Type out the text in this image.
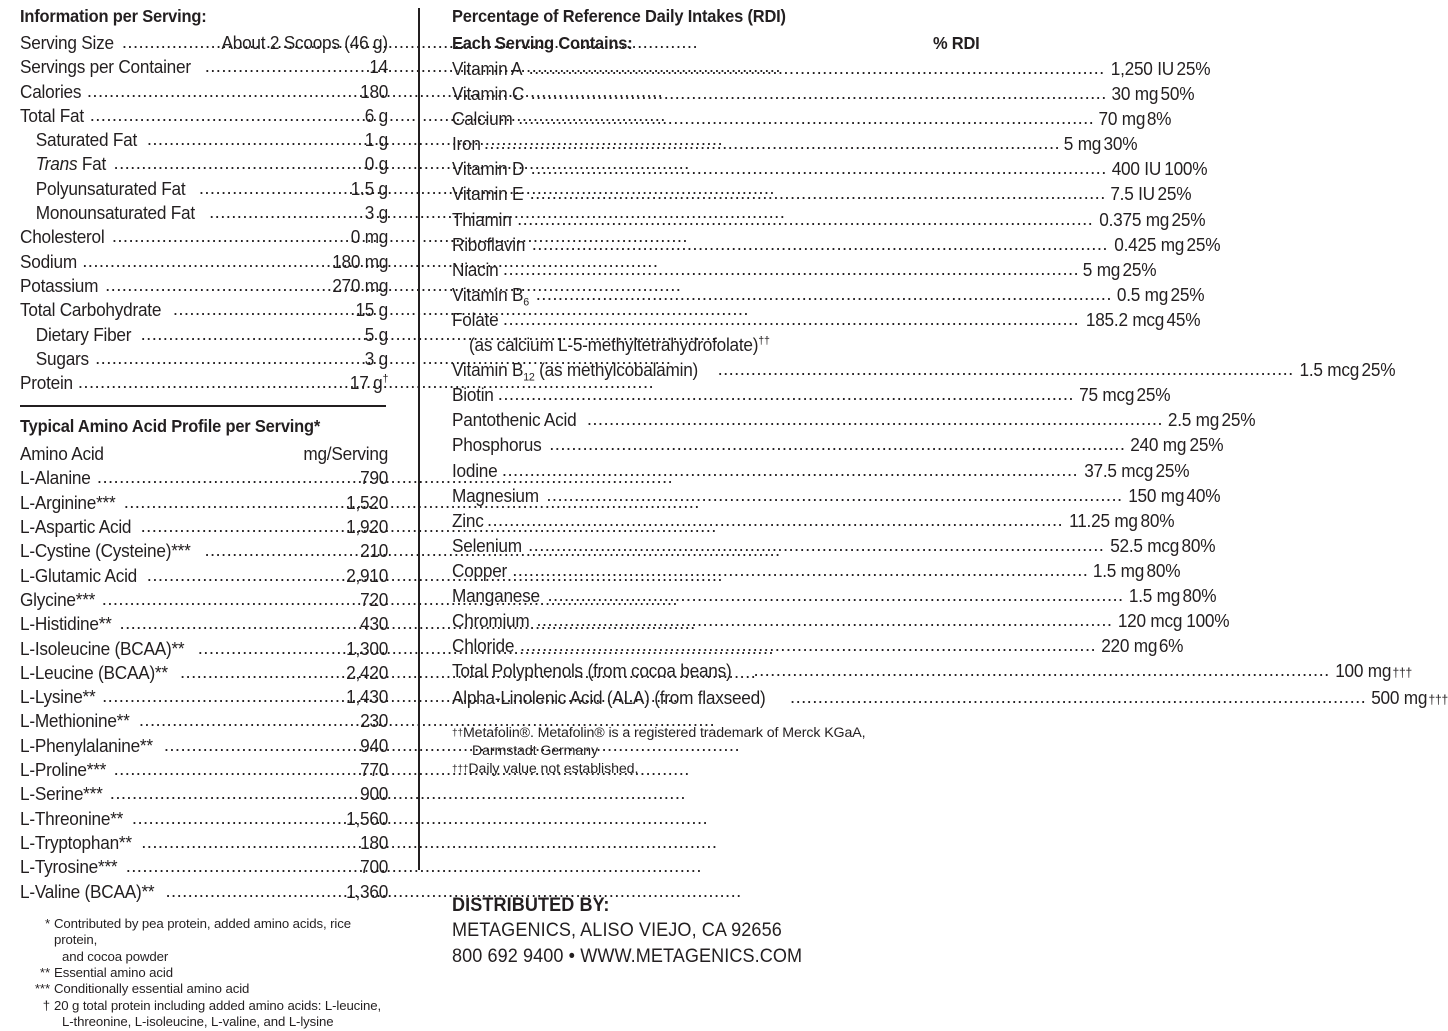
Information per Serving:
Serving Size .....	About 2 Scoops (46 g)
Servings per Container .....	14
Calories .....	180
Total Fat .....	6 g
Saturated Fat .....	1 g
Trans Fat .....	0 g
Polyunsaturated Fat .....	1.5 g
Monounsaturated Fat .....	3 g
Cholesterol .....	0 mg
Sodium .....	180 mg
Potassium .....	270 mg
Total Carbohydrate .....	15 g
Dietary Fiber .....	5 g
Sugars .....	3 g
Protein .....	17 g†
Typical Amino Acid Profile per Serving*
Amino Acid	mg/Serving
L-Alanine .....	790
L-Arginine*** .....	1,520
L-Aspartic Acid .....	1,920
L-Cystine (Cysteine)*** .....	210
L-Glutamic Acid .....	2,910
Glycine*** .....	720
L-Histidine** .....	430
L-Isoleucine (BCAA)** .....	1,300
L-Leucine (BCAA)** .....	2,420
L-Lysine** .....	1,430
L-Methionine** .....	230
L-Phenylalanine** .....	940
L-Proline*** .....	770
L-Serine*** .....	900
L-Threonine** .....	1,560
L-Tryptophan** .....	180
L-Tyrosine*** .....	700
L-Valine (BCAA)** .....	1,360
* Contributed by pea protein, added amino acids, rice protein,
and cocoa powder
** Essential amino acid
*** Conditionally essential amino acid
† 20 g total protein including added amino acids: L-leucine,
L-threonine, L-isoleucine, L-valine, and L-lysine
Percentage of Reference Daily Intakes (RDI)
Each Serving Contains:	% RDI
Vitamin A .....	1,250 IU 25%
Vitamin C .....	30 mg 50%
Calcium .....	70 mg 8%
Iron .....	5 mg 30%
Vitamin D .....	400 IU 100%
Vitamin E .....	7.5 IU 25%
Thiamin .....	0.375 mg 25%
Riboflavin .....	0.425 mg 25%
Niacin .....	5 mg 25%
Vitamin $B_6$ .....	0.5 mg 25%
Folate .....	185.2 mcg 45%
(as calcium L-5-methyltetrahydrofolate)††
Vitamin $B_{12}$ (as methylcobalamin) .....	1.5 mcg 25%
Biotin .....	75 mcg 25%
Pantothenic Acid .....	2.5 mg 25%
Phosphorus .....	240 mg 25%
Iodine .....	37.5 mcg 25%
Magnesium .....	150 mg 40%
Zinc .....	11.25 mg 80%
Selenium .....	52.5 mcg 80%
Copper .....	1.5 mg 80%
Manganese .....	1.5 mg 80%
Chromium .....	120 mcg 100%
Chloride .....	220 mg 6%
Total Polyphenols (from cocoa beans) .....	100 mg †††
Alpha-Linolenic Acid (ALA) (from flaxseed) .....	500 mg †††
†† Metafolin®. Metafolin® is a registered trademark of Merck KGaA,
Darmstadt Germany
††† Daily value not established.
DISTRIBUTED BY:
METAGENICS, ALISO VIEJO, CA 92656
800 692 9400 • WWW.METAGENICS.COM
